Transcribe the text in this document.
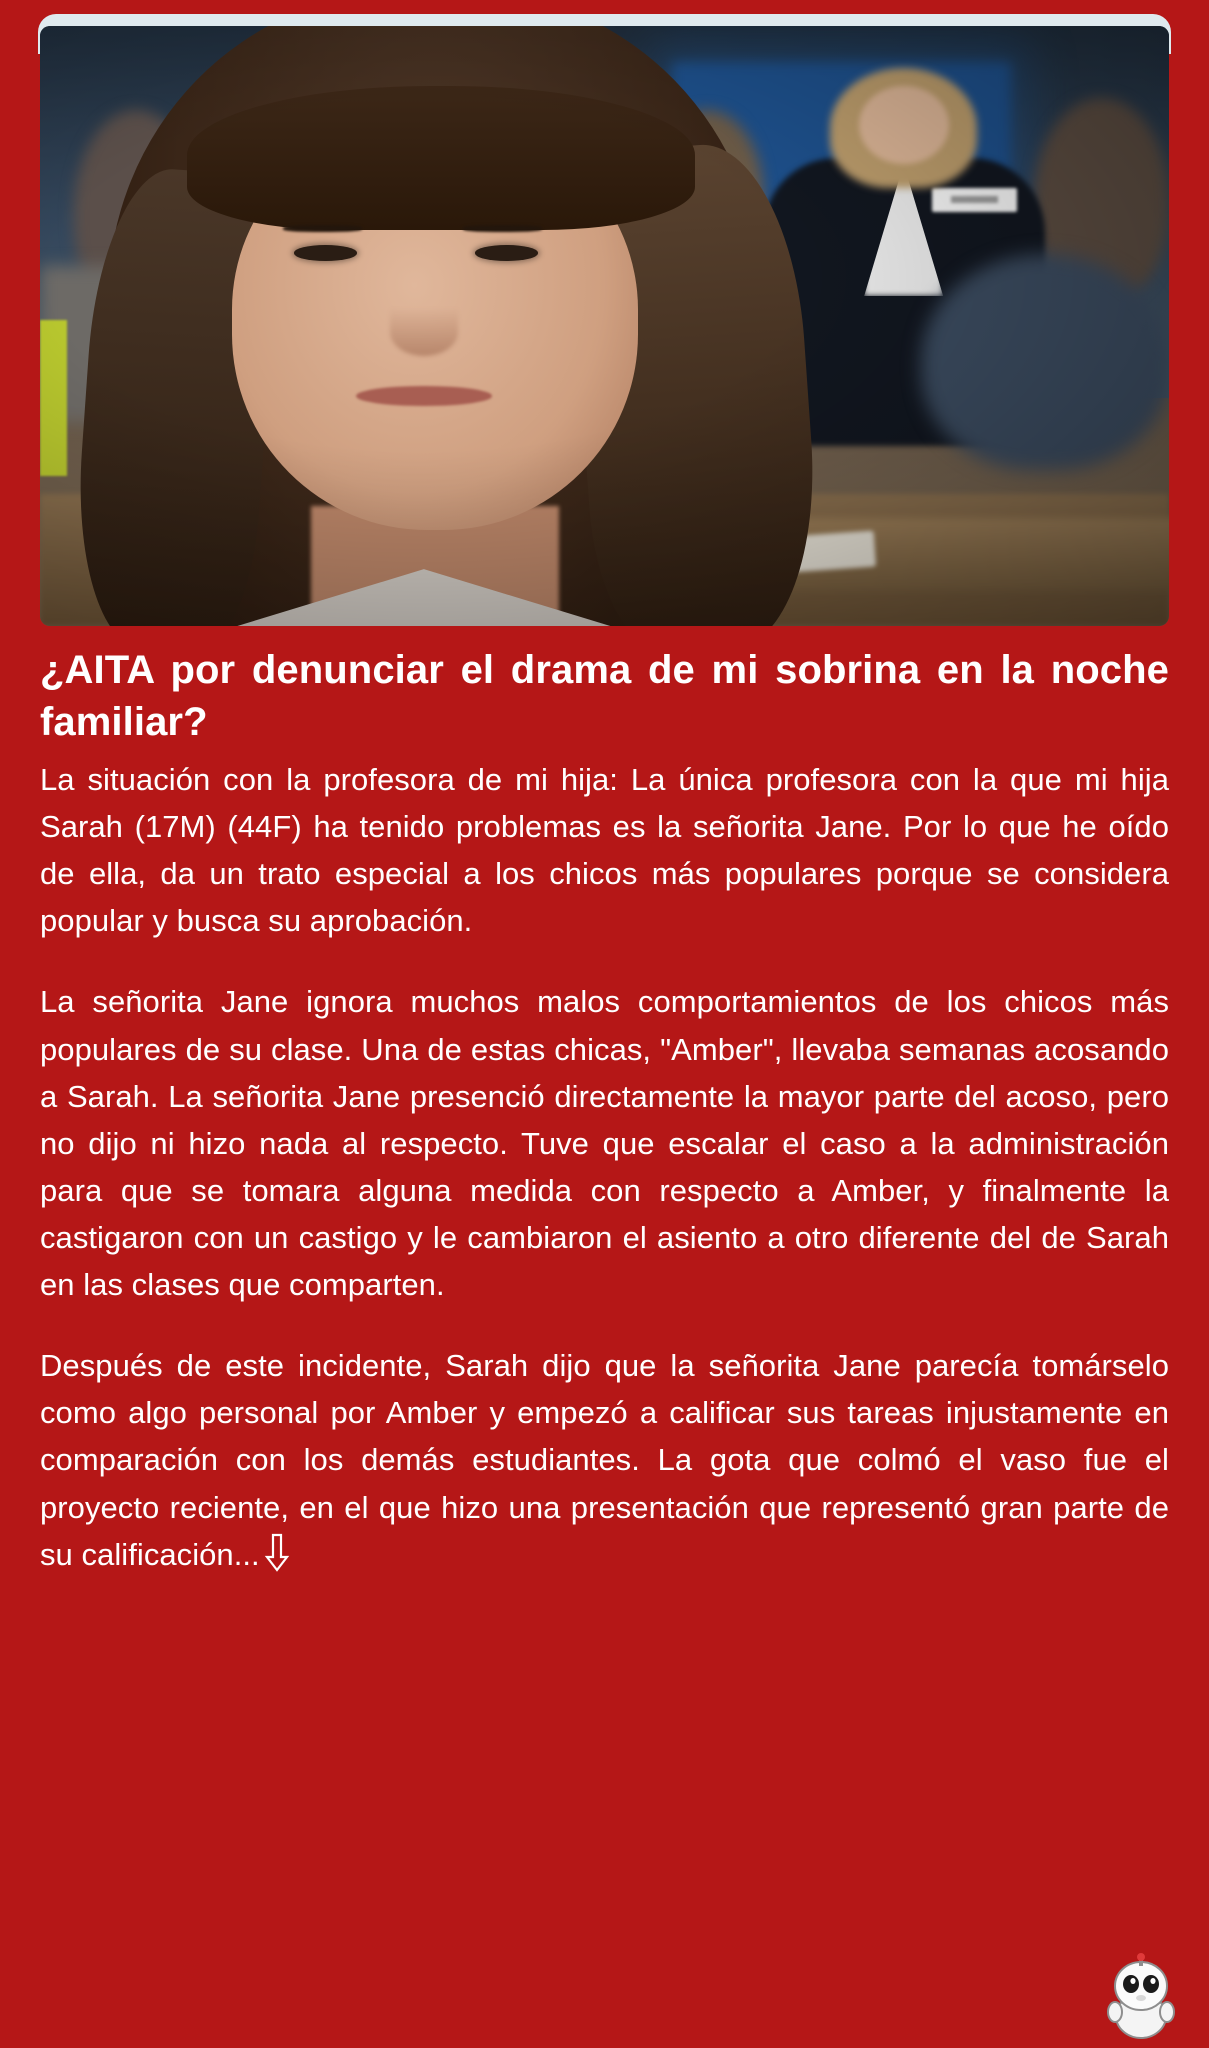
¿AITA por denunciar el drama de mi sobrina en la noche familiar?

La situación con la profesora de mi hija: La única profesora con la que mi hija Sarah (17M) (44F) ha tenido problemas es la señorita Jane. Por lo que he oído de ella, da un trato especial a los chicos más populares porque se considera popular y busca su aprobación.

La señorita Jane ignora muchos malos comportamientos de los chicos más populares de su clase. Una de estas chicas, "Amber", llevaba semanas acosando a Sarah. La señorita Jane presenció directamente la mayor parte del acoso, pero no dijo ni hizo nada al respecto. Tuve que escalar el caso a la administración para que se tomara alguna medida con respecto a Amber, y finalmente la castigaron con un castigo y le cambiaron el asiento a otro diferente del de Sarah en las clases que comparten.

Después de este incidente, Sarah dijo que la señorita Jane parecía tomárselo como algo personal por Amber y empezó a calificar sus tareas injustamente en comparación con los demás estudiantes. La gota que colmó el vaso fue el proyecto reciente, en el que hizo una presentación que representó gran parte de su calificación...
